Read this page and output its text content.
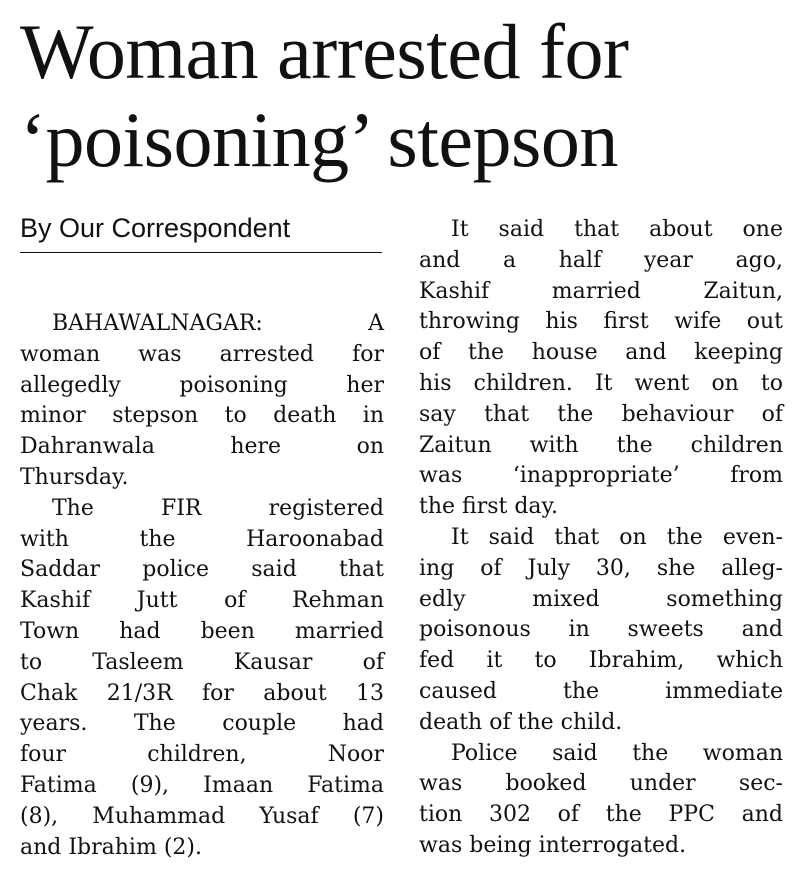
Woman arrested for
‘poisoning’ stepson
By Our Correspondent
BAHAWALNAGAR: A
woman was arrested for
allegedly poisoning her
minor stepson to death in
Dahranwala here on
Thursday.
The FIR registered
with the Haroonabad
Saddar police said that
Kashif Jutt of Rehman
Town had been married
to Tasleem Kausar of
Chak 21/3R for about 13
years. The couple had
four children, Noor
Fatima (9), Imaan Fatima
(8), Muhammad Yusaf (7)
and Ibrahim (2).
It said that about one
and a half year ago,
Kashif married Zaitun,
throwing his first wife out
of the house and keeping
his children. It went on to
say that the behaviour of
Zaitun with the children
was ‘inappropriate’ from
the first day.
It said that on the even-
ing of July 30, she alleg-
edly mixed something
poisonous in sweets and
fed it to Ibrahim, which
caused the immediate
death of the child.
Police said the woman
was booked under sec-
tion 302 of the PPC and
was being interrogated.
